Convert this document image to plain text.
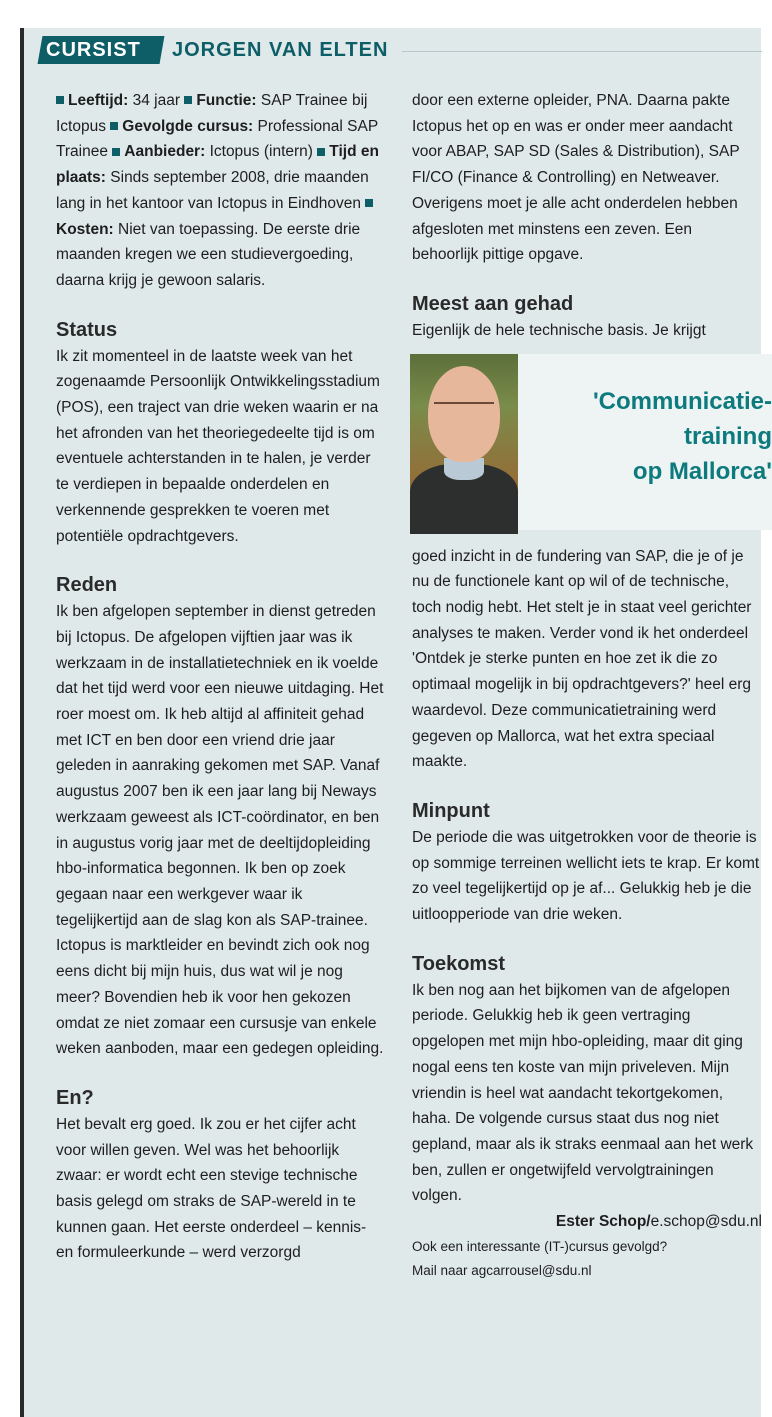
CURSIST	JORGEN VAN ELTEN

Leeftijd: 34 jaar Functie: SAP Trainee bij Ictopus Gevolgde cursus: Professional SAP Trainee Aanbieder: Ictopus (intern) Tijd en plaats: Sinds september 2008, drie maanden lang in het kantoor van Ictopus in Eindhoven Kosten: Niet van toepassing. De eerste drie maanden kregen we een studievergoeding, daarna krijg je gewoon salaris.

Status

Ik zit momenteel in de laatste week van het zogenaamde Persoonlijk Ontwikkelingsstadium (POS), een traject van drie weken waarin er na het afronden van het theoriegedeelte tijd is om eventuele achterstanden in te halen, je verder te verdiepen in bepaalde onderdelen en verkennende gesprekken te voeren met potentiële opdrachtgevers.

Reden

Ik ben afgelopen september in dienst getreden bij Ictopus. De afgelopen vijftien jaar was ik werkzaam in de installatietechniek en ik voelde dat het tijd werd voor een nieuwe uitdaging. Het roer moest om. Ik heb altijd al affiniteit gehad met ICT en ben door een vriend drie jaar geleden in aanraking gekomen met SAP. Vanaf augustus 2007 ben ik een jaar lang bij Neways werkzaam geweest als ICT-coördinator, en ben in augustus vorig jaar met de deeltijdopleiding hbo-informatica begonnen. Ik ben op zoek gegaan naar een werkgever waar ik tegelijkertijd aan de slag kon als SAP-trainee. Ictopus is marktleider en bevindt zich ook nog eens dicht bij mijn huis, dus wat wil je nog meer? Bovendien heb ik voor hen gekozen omdat ze niet zomaar een cursusje van enkele weken aanboden, maar een gedegen opleiding.

En?

Het bevalt erg goed. Ik zou er het cijfer acht voor willen geven. Wel was het behoorlijk zwaar: er wordt echt een stevige technische basis gelegd om straks de SAP-wereld in te kunnen gaan. Het eerste onderdeel – kennis- en formuleerkunde – werd verzorgd

door een externe opleider, PNA. Daarna pakte Ictopus het op en was er onder meer aandacht voor ABAP, SAP SD (Sales & Distribution), SAP FI/CO (Finance & Controlling) en Netweaver. Overigens moet je alle acht onderdelen hebben afgesloten met minstens een zeven. Een behoorlijk pittige opgave.

Meest aan gehad

Eigenlijk de hele technische basis. Je krijgt

'Communicatie-
training
op Mallorca'

goed inzicht in de fundering van SAP, die je of je nu de functionele kant op wil of de technische, toch nodig hebt. Het stelt je in staat veel gerichter analyses te maken. Verder vond ik het onderdeel 'Ontdek je sterke punten en hoe zet ik die zo optimaal mogelijk in bij opdrachtgevers?' heel erg waardevol. Deze communicatietraining werd gegeven op Mallorca, wat het extra speciaal maakte.

Minpunt

De periode die was uitgetrokken voor de theorie is op sommige terreinen wellicht iets te krap. Er komt zo veel tegelijkertijd op je af... Gelukkig heb je die uitloopperiode van drie weken.

Toekomst

Ik ben nog aan het bijkomen van de afgelopen periode. Gelukkig heb ik geen vertraging opgelopen met mijn hbo-opleiding, maar dit ging nogal eens ten koste van mijn priveleven. Mijn vriendin is heel wat aandacht tekortgekomen, haha. De volgende cursus staat dus nog niet gepland, maar als ik straks eenmaal aan het werk ben, zullen er ongetwijfeld vervolgtrainingen volgen.

Ester Schop/e.schop@sdu.nl

Ook een interessante (IT-)cursus gevolgd?
Mail naar agcarrousel@sdu.nl
